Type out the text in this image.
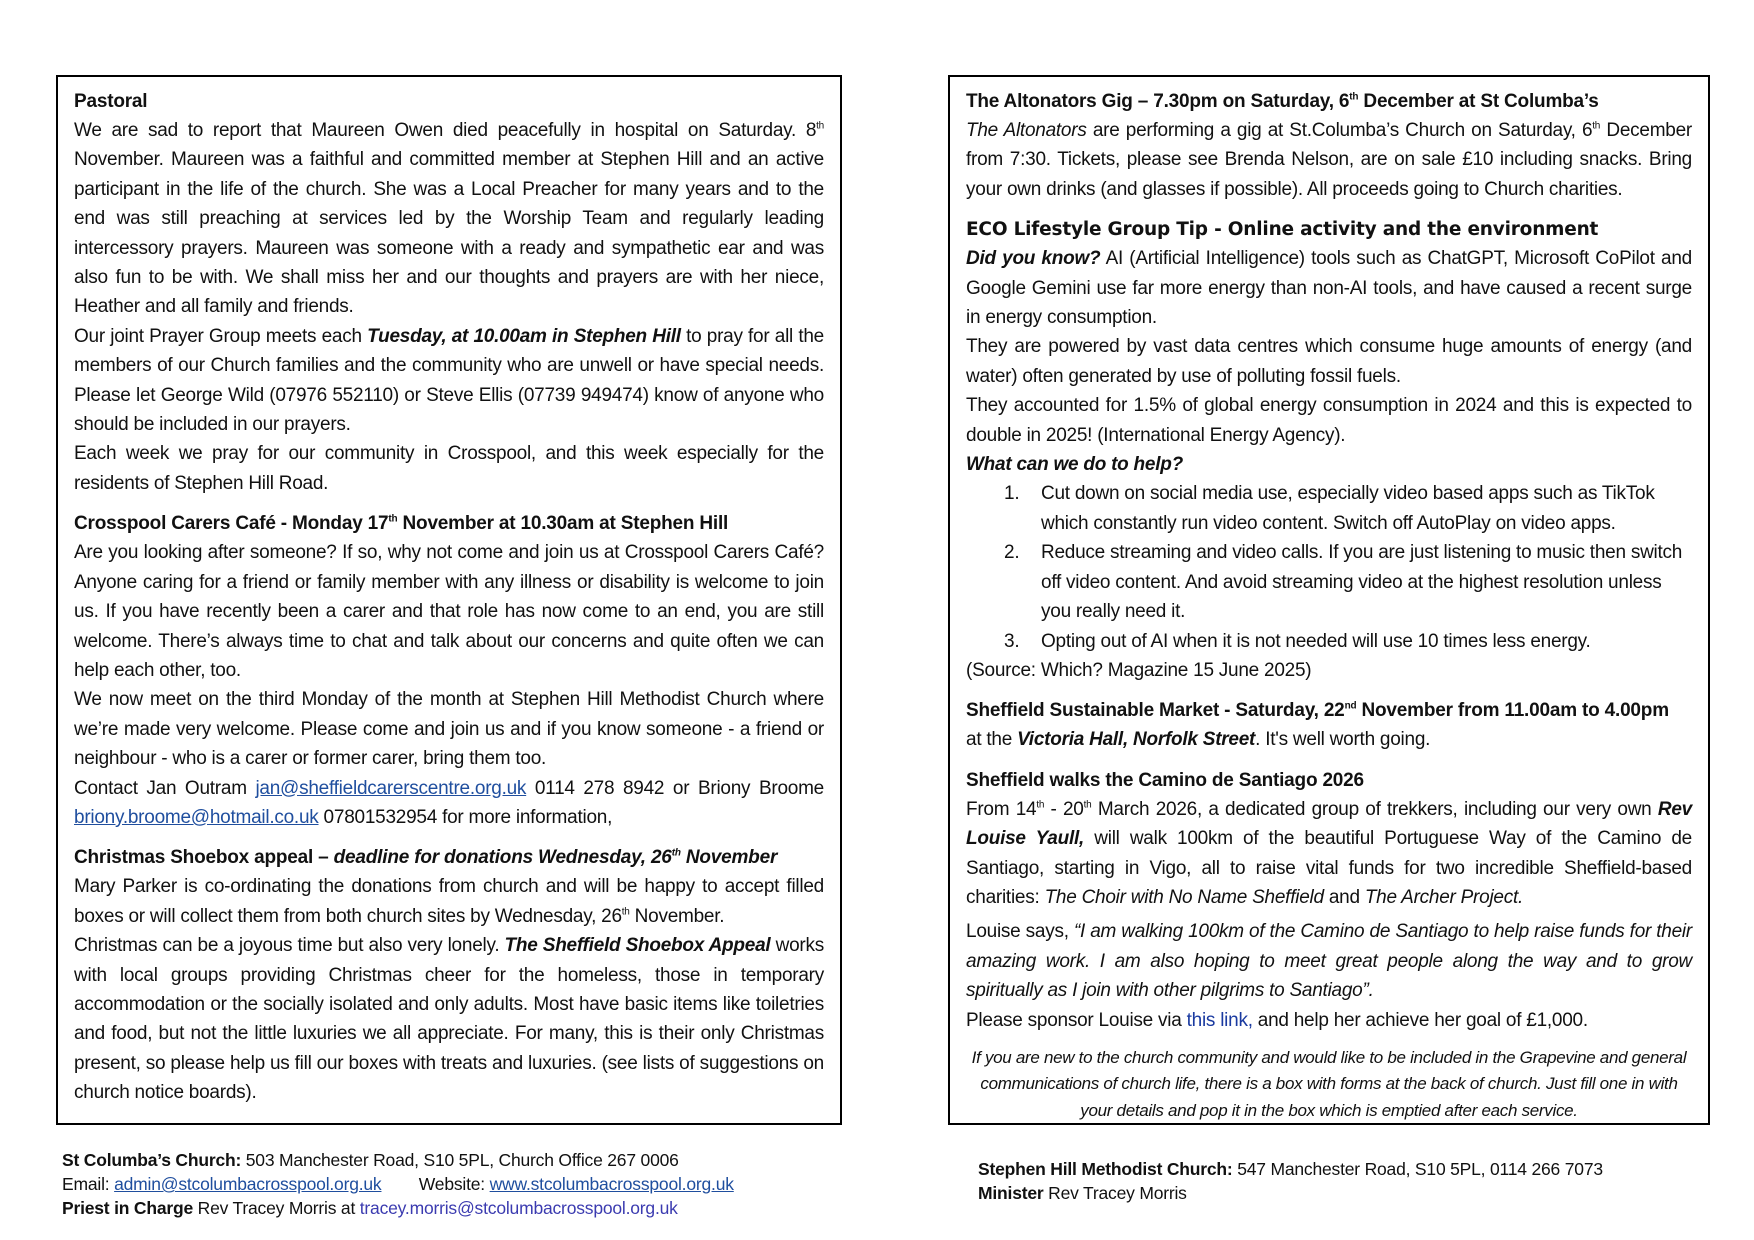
Pastoral

We are sad to report that Maureen Owen died peacefully in hospital on Saturday. 8th November. Maureen was a faithful and committed member at Stephen Hill and an active participant in the life of the church. She was a Local Preacher for many years and to the end was still preaching at services led by the Worship Team and regularly leading intercessory prayers. Maureen was someone with a ready and sympathetic ear and was also fun to be with. We shall miss her and our thoughts and prayers are with her niece, Heather and all family and friends.

Our joint Prayer Group meets each Tuesday, at 10.00am in Stephen Hill to pray for all the members of our Church families and the community who are unwell or have special needs. Please let George Wild (07976 552110) or Steve Ellis (07739 949474) know of anyone who should be included in our prayers.

Each week we pray for our community in Crosspool, and this week especially for the residents of Stephen Hill Road.

Crosspool Carers Café - Monday 17th November at 10.30am at Stephen Hill

Are you looking after someone? If so, why not come and join us at Crosspool Carers Café? Anyone caring for a friend or family member with any illness or disability is welcome to join us. If you have recently been a carer and that role has now come to an end, you are still welcome. There’s always time to chat and talk about our concerns and quite often we can help each other, too.

We now meet on the third Monday of the month at Stephen Hill Methodist Church where we’re made very welcome. Please come and join us and if you know someone - a friend or neighbour - who is a carer or former carer, bring them too.

Contact Jan Outram jan@sheffieldcarerscentre.org.uk 0114 278 8942 or Briony Broome briony.broome@hotmail.co.uk 07801532954 for more information,

Christmas Shoebox appeal – deadline for donations Wednesday, 26th November

Mary Parker is co-ordinating the donations from church and will be happy to accept filled boxes or will collect them from both church sites by Wednesday, 26th November.

Christmas can be a joyous time but also very lonely. The Sheffield Shoebox Appeal works with local groups providing Christmas cheer for the homeless, those in temporary accommodation or the socially isolated and only adults. Most have basic items like toiletries and food, but not the little luxuries we all appreciate. For many, this is their only Christmas present, so please help us fill our boxes with treats and luxuries. (see lists of suggestions on church notice boards).

The Altonators Gig – 7.30pm on Saturday, 6th December at St Columba’s

The Altonators are performing a gig at St.Columba’s Church on Saturday, 6th December from 7:30. Tickets, please see Brenda Nelson, are on sale £10 including snacks. Bring your own drinks (and glasses if possible). All proceeds going to Church charities.

ECO Lifestyle Group Tip - Online activity and the environment

Did you know? AI (Artificial Intelligence) tools such as ChatGPT, Microsoft CoPilot and Google Gemini use far more energy than non-AI tools, and have caused a recent surge in energy consumption.

They are powered by vast data centres which consume huge amounts of energy (and water) often generated by use of polluting fossil fuels.

They accounted for 1.5% of global energy consumption in 2024 and this is expected to double in 2025! (International Energy Agency).

What can we do to help?

1. Cut down on social media use, especially video based apps such as TikTok which constantly run video content. Switch off AutoPlay on video apps.
2. Reduce streaming and video calls. If you are just listening to music then switch off video content. And avoid streaming video at the highest resolution unless you really need it.
3. Opting out of AI when it is not needed will use 10 times less energy.

(Source: Which? Magazine 15 June 2025)

Sheffield Sustainable Market - Saturday, 22nd November from 11.00am to 4.00pm

at the Victoria Hall, Norfolk Street. It's well worth going.

Sheffield walks the Camino de Santiago 2026

From 14th - 20th March 2026, a dedicated group of trekkers, including our very own Rev Louise Yaull, will walk 100km of the beautiful Portuguese Way of the Camino de Santiago, starting in Vigo, all to raise vital funds for two incredible Sheffield-based charities: The Choir with No Name Sheffield and The Archer Project.

Louise says, “I am walking 100km of the Camino de Santiago to help raise funds for their amazing work. I am also hoping to meet great people along the way and to grow spiritually as I join with other pilgrims to Santiago”.

Please sponsor Louise via this link, and help her achieve her goal of £1,000.

If you are new to the church community and would like to be included in the Grapevine and general communications of church life, there is a box with forms at the back of church. Just fill one in with your details and pop it in the box which is emptied after each service.

St Columba’s Church: 503 Manchester Road, S10 5PL, Church Office 267 0006
Email: admin@stcolumbacrosspool.org.uk        Website: www.stcolumbacrosspool.org.uk
Priest in Charge Rev Tracey Morris at tracey.morris@stcolumbacrosspool.org.uk
Stephen Hill Methodist Church: 547 Manchester Road, S10 5PL, 0114 266 7073
Minister Rev Tracey Morris
